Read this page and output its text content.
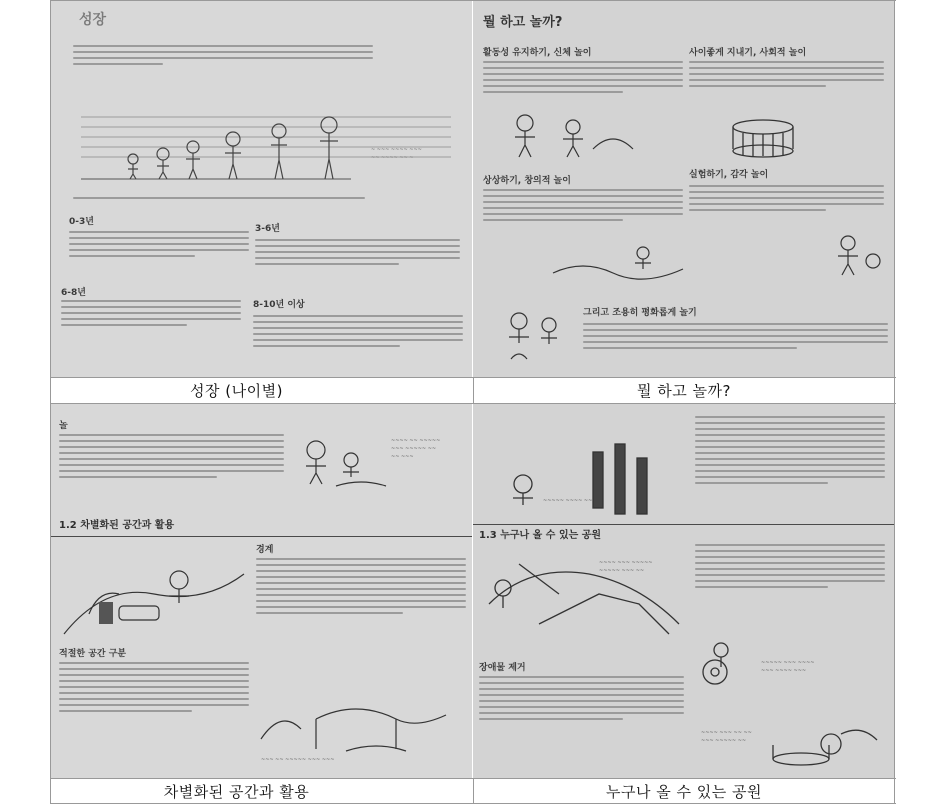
성장
~ ~~~ ~~~~ ~~~
~~ ~~~~ ~~ ~
0-3년
3-6년
6-8년
8-10년 이상
성장 (나이별)
뭘 하고 놀까?
활동성 유지하기, 신체 놀이	사이좋게 지내기, 사회적 놀이
상상하기, 창의적 놀이
실험하기, 감각 놀이
그리고 조용히 평화롭게 놀기
뭘 하고 놀까?
놀
~~~~ ~~ ~~~~~
~~~ ~~~~~ ~~
~~ ~~~
1.2 차별화된 공간과 활용
경계
적절한 공간 구분
~~~ ~~ ~~~~~ ~~~ ~~~
차별화된 공간과 활용
~~~~~ ~~~~ ~~
1.3 누구나 올 수 있는 공원
~~~~ ~~~ ~~~~~
~~~~~ ~~~ ~~
장애물 제거	~~~~~ ~~~ ~~~~
~~~ ~~~~ ~~~
~~~~ ~~~ ~~ ~~
~~~ ~~~~~ ~~
누구나 올 수 있는 공원
